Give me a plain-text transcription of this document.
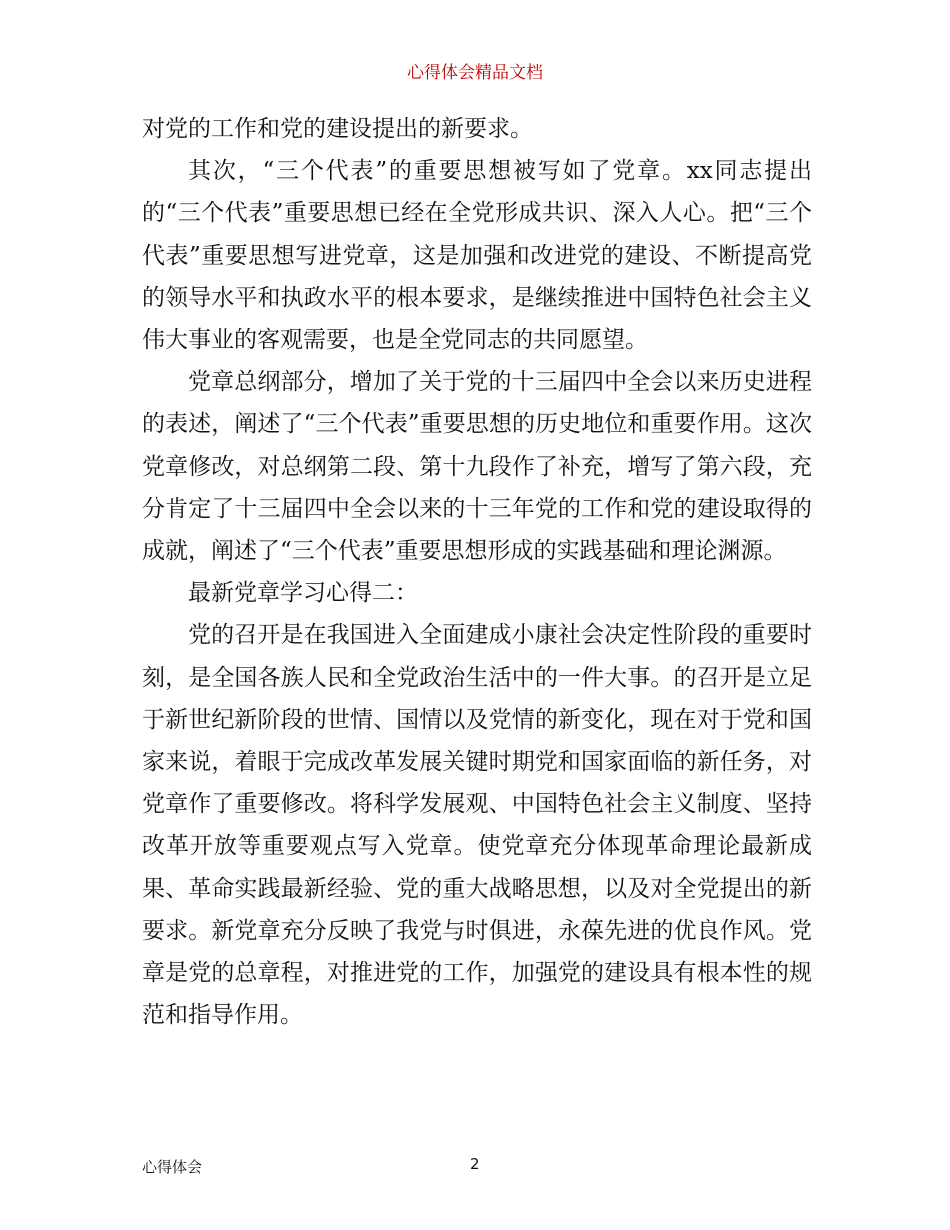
心得体会精品文档

对党的工作和党的建设提出的新要求。

其次，“三个代表”的重要思想被写如了党章。xx同志提出的“三个代表”重要思想已经在全党形成共识、深入人心。把“三个代表”重要思想写进党章，这是加强和改进党的建设、不断提高党的领导水平和执政水平的根本要求，是继续推进中国特色社会主义伟大事业的客观需要，也是全党同志的共同愿望。

党章总纲部分，增加了关于党的十三届四中全会以来历史进程的表述，阐述了“三个代表”重要思想的历史地位和重要作用。这次党章修改，对总纲第二段、第十九段作了补充，增写了第六段，充分肯定了十三届四中全会以来的十三年党的工作和党的建设取得的成就，阐述了“三个代表”重要思想形成的实践基础和理论渊源。

最新党章学习心得二：

党的召开是在我国进入全面建成小康社会决定性阶段的重要时刻，是全国各族人民和全党政治生活中的一件大事。的召开是立足于新世纪新阶段的世情、国情以及党情的新变化，现在对于党和国家来说，着眼于完成改革发展关键时期党和国家面临的新任务，对党章作了重要修改。将科学发展观、中国特色社会主义制度、坚持改革开放等重要观点写入党章。使党章充分体现革命理论最新成果、革命实践最新经验、党的重大战略思想，以及对全党提出的新要求。新党章充分反映了我党与时俱进，永葆先进的优良作风。党章是党的总章程，对推进党的工作，加强党的建设具有根本性的规范和指导作用。

心得体会	2
